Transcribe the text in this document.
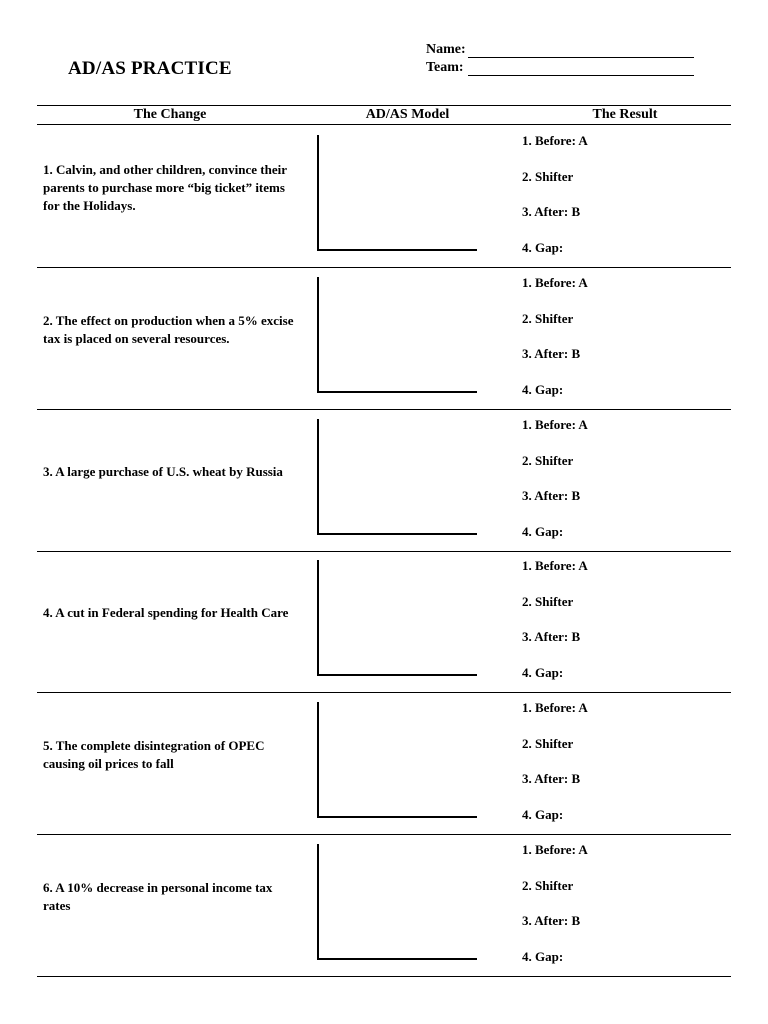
AD/AS PRACTICE
Name:
Team:
The Change	AD/AS Model	The Result
1. Calvin, and other children, convince their parents to purchase more “big ticket” items for the Holidays.
1. Before: A
2. Shifter
3. After: B
4. Gap:
2. The effect on production when a 5% excise tax is placed on several resources.
1. Before: A
2. Shifter
3. After: B
4. Gap:
3. A large purchase of U.S. wheat by Russia
1. Before: A
2. Shifter
3. After: B
4. Gap:
4. A cut in Federal spending for Health Care
1. Before: A
2. Shifter
3. After: B
4. Gap:
5. The complete disintegration of OPEC causing oil prices to fall
1. Before: A
2. Shifter
3. After: B
4. Gap:
6. A 10% decrease in personal income tax rates
1. Before: A
2. Shifter
3. After: B
4. Gap:
